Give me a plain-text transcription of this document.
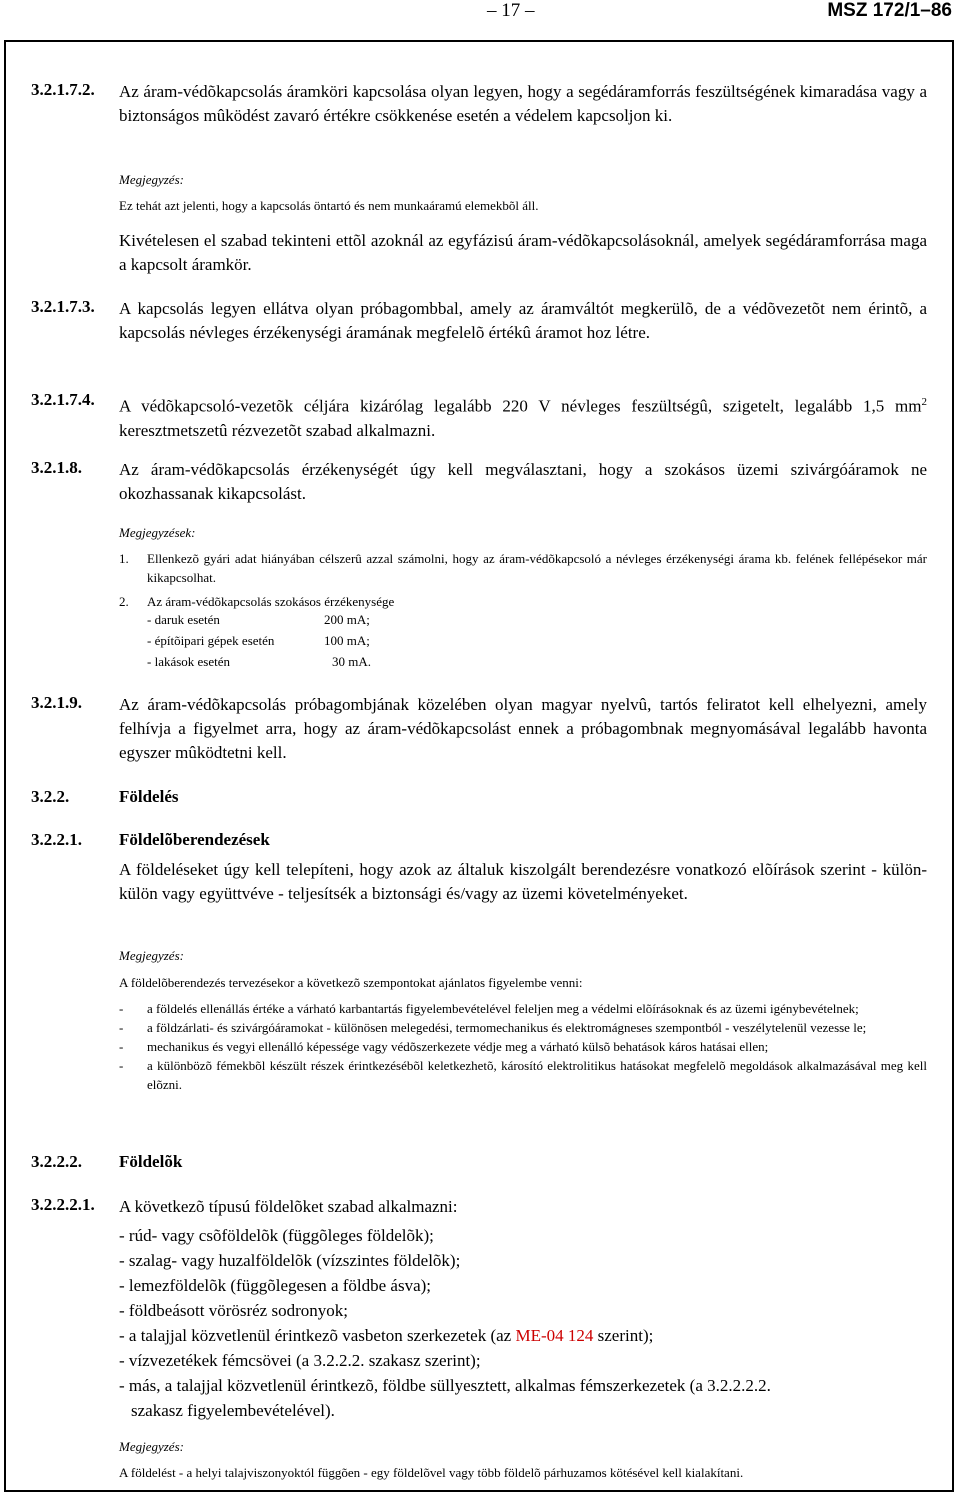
– 17 –	MSZ 172/1–86
3.2.1.7.2. Az áram-védõkapcsolás áramköri kapcsolása olyan legyen, hogy a segédáramforrás feszültségének kimaradása vagy a biztonságos mûködést zavaró értékre csökkenése esetén a védelem kapcsoljon ki.
Megjegyzés:
Ez tehát azt jelenti, hogy a kapcsolás öntartó és nem munkaáramú elemekbõl áll.
Kivételesen el szabad tekinteni ettõl azoknál az egyfázisú áram-védõkapcsolásoknál, amelyek segédáramforrása maga a kapcsolt áramkör.
3.2.1.7.3. A kapcsolás legyen ellátva olyan próbagombbal, amely az áramváltót megkerülõ, de a védõvezetõt nem érintõ, a kapcsolás névleges érzékenységi áramának megfelelõ értékû áramot hoz létre.
3.2.1.7.4. A védõkapcsoló-vezetõk céljára kizárólag legalább 220 V névleges feszültségû, szigetelt, legalább 1,5 $mm^2$ keresztmetszetû rézvezetõt szabad alkalmazni.
3.2.1.8. Az áram-védõkapcsolás érzékenységét úgy kell megválasztani, hogy a szokásos üzemi szivárgóáramok ne okozhassanak kikapcsolást.
Megjegyzések:
1.	Ellenkezõ gyári adat hiányában célszerû azzal számolni, hogy az áram-védõkapcsoló a névleges érzékenységi árama kb. felének fellépésekor már kikapcsolhat.
2.	Az áram-védõkapcsolás szokásos érzékenysége
- daruk esetén	200 mA;
- építõipari gépek esetén	100 mA;
- lakások esetén	30 mA.
3.2.1.9. Az áram-védõkapcsolás próbagombjának közelében olyan magyar nyelvû, tartós feliratot kell elhelyezni, amely felhívja a figyelmet arra, hogy az áram-védõkapcsolást ennek a próbagombnak megnyomásával legalább havonta egyszer mûködtetni kell.
3.2.2.	Földelés
3.2.2.1. Földelõberendezések
A földeléseket úgy kell telepíteni, hogy azok az általuk kiszolgált berendezésre vonatkozó elõírások szerint - külön-külön vagy együttvéve - teljesítsék a biztonsági és/vagy az üzemi követelményeket.
Megjegyzés:
A földelõberendezés tervezésekor a következõ szempontokat ajánlatos figyelembe venni:
-	a földelés ellenállás értéke a várható karbantartás figyelembevételével feleljen meg a védelmi elõírásoknak és az üzemi igénybevételnek;
-	a földzárlati- és szivárgóáramokat - különösen melegedési, termomechanikus és elektromágneses szempontból - veszélytelenül vezesse le;
-	mechanikus és vegyi ellenálló képessége vagy védõszerkezete védje meg a várható külsõ behatások káros hatásai ellen;
-	a különbözõ fémekbõl készült részek érintkezésébõl keletkezhetõ, károsító elektrolitikus hatásokat megfelelõ megoldások alkalmazásával meg kell elõzni.
3.2.2.2. Földelõk
3.2.2.2.1. A következõ típusú földelõket szabad alkalmazni:
- rúd- vagy csõföldelõk (függõleges földelõk);
- szalag- vagy huzalföldelõk (vízszintes földelõk);
- lemezföldelõk (függõlegesen a földbe ásva);
- földbeásott vörösréz sodronyok;
- a talajjal közvetlenül érintkezõ vasbeton szerkezetek (az ME-04 124 szerint);
- vízvezetékek fémcsövei (a 3.2.2.2. szakasz szerint);
- más, a talajjal közvetlenül érintkezõ, földbe süllyesztett, alkalmas fémszerkezetek (a 3.2.2.2.2.
szakasz figyelembevételével).
Megjegyzés:
A földelést - a helyi talajviszonyoktól függõen - egy földelõvel vagy több földelõ párhuzamos kötésével kell kialakítani.
